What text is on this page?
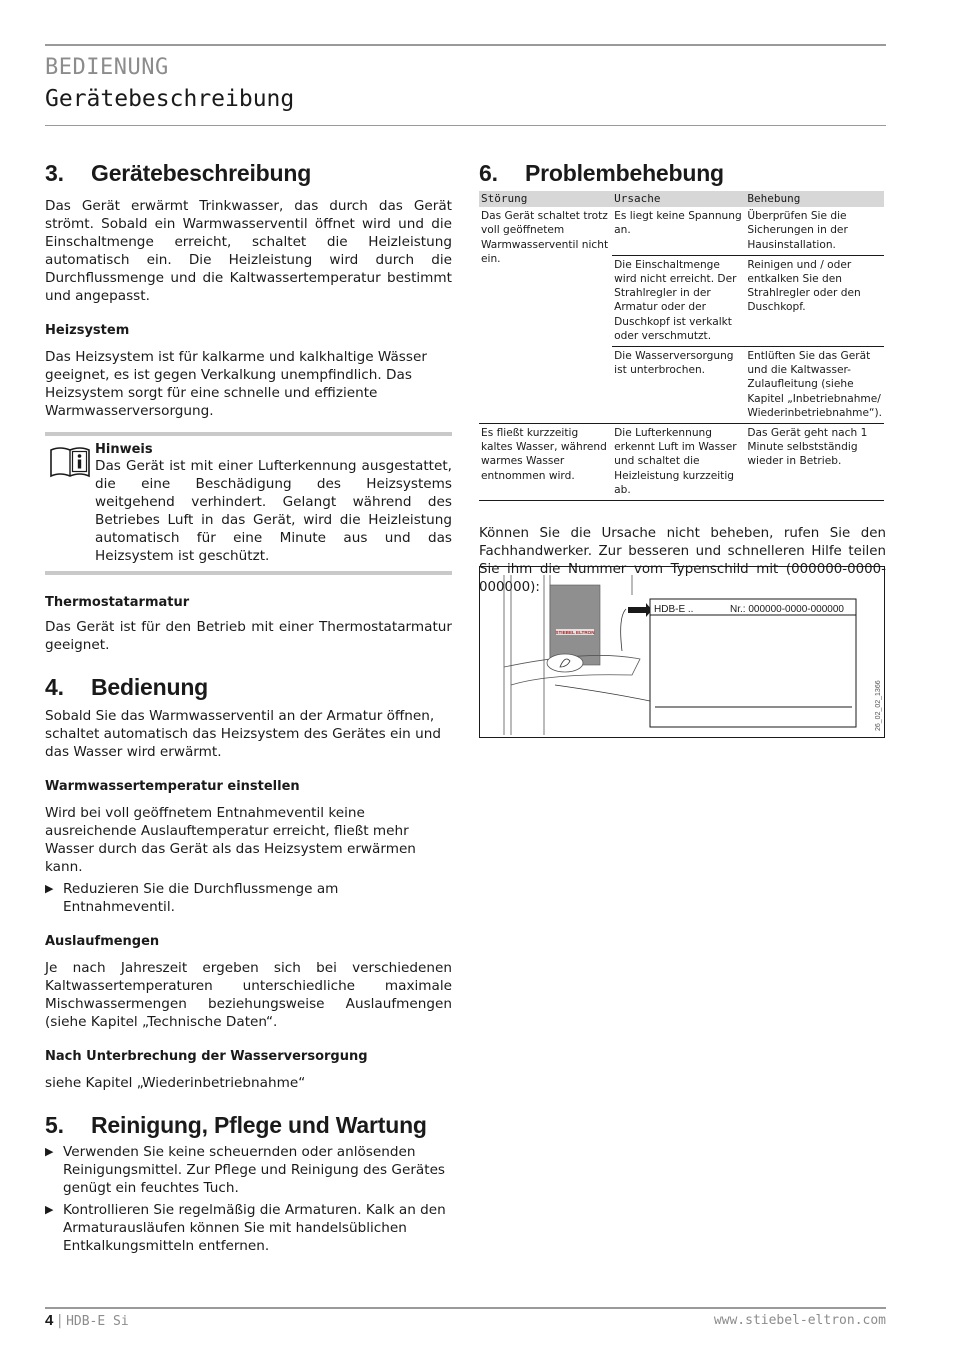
BEDIENUNG
Gerätebeschreibung
3. Gerätebeschreibung

Das Gerät erwärmt Trinkwasser, das durch das Gerät strömt. Sobald ein Warmwasserventil öffnet wird und die Einschaltmenge erreicht, schaltet die Heizleistung automatisch ein. Die Heizleistung wird durch die Durchflussmenge und die Kaltwassertemperatur bestimmt und angepasst.

Heizsystem

Das Heizsystem ist für kalkarme und kalkhaltige Wässer geeignet, es ist gegen Verkalkung unempfindlich. Das Heizsystem sorgt für eine schnelle und effiziente Warmwasserversorgung.

Hinweis

Das Gerät ist mit einer Lufterkennung ausgestattet, die eine Beschädigung des Heizsystems weitgehend verhindert. Gelangt während des Betriebes Luft in das Gerät, wird die Heizleistung automatisch für eine Minute aus und das Heizsystem ist geschützt.

Thermostatarmatur

Das Gerät ist für den Betrieb mit einer Thermostatarmatur geeignet.

4. Bedienung

Sobald Sie das Warmwasserventil an der Armatur öffnen, schaltet automatisch das Heizsystem des Gerätes ein und das Wasser wird erwärmt.

Warmwassertemperatur einstellen

Wird bei voll geöffnetem Entnahmeventil keine ausreichende Auslauftemperatur erreicht, fließt mehr Wasser durch das Gerät als das Heizsystem erwärmen kann.

▶ Reduzieren Sie die Durchflussmenge am Entnahmeventil.
Auslaufmengen

Je nach Jahreszeit ergeben sich bei verschiedenen Kaltwassertemperaturen unterschiedliche maximale Mischwassermengen beziehungsweise Auslaufmengen (siehe Kapitel „Technische Daten“.

Nach Unterbrechung der Wasserversorgung

siehe Kapitel „Wiederinbetriebnahme“

5. Reinigung, Pflege und Wartung
▶ Verwenden Sie keine scheuernden oder anlösenden Reinigungsmittel. Zur Pflege und Reinigung des Gerätes genügt ein feuchtes Tuch.
▶ Kontrollieren Sie regelmäßig die Armaturen. Kalk an den Armaturausläufen können Sie mit handelsüblichen Entkalkungsmitteln entfernen.
6. Problembehebung
Störung	Ursache	Behebung
Das Gerät schaltet trotz voll geöffnetem Warmwasserventil nicht ein.	Es liegt keine Spannung an.	Überprüfen Sie die Sicherungen in der Hausinstallation.
	Die Einschaltmenge wird nicht erreicht. Der Strahlregler in der Armatur oder der Duschkopf ist verkalkt oder verschmutzt.	Reinigen und / oder entkalken Sie den Strahlregler oder den Duschkopf.
	Die Wasserversorgung ist unterbrochen.	Entlüften Sie das Gerät und die Kaltwasser-Zulaufleitung (siehe Kapitel „Inbetriebnahme/ Wiederinbetriebnahme“).
Es fließt kurzzeitig kaltes Wasser, während warmes Wasser entnommen wird.	Die Lufterkennung erkennt Luft im Wasser und schaltet die Heizleistung kurzzeitig ab.	Das Gerät geht nach 1 Minute selbstständig wieder in Betrieb.

Können Sie die Ursache nicht beheben, rufen Sie den Fachhandwerker. Zur besseren und schnelleren Hilfe teilen Sie ihm die Nummer vom Typenschild mit (000000-0000-000000):

STIEBEL ELTRON
HDB-E ..	Nr.: 000000-0000-000000
26_02_02_1366
4 | HDB-E Si	www.stiebel-eltron.com
